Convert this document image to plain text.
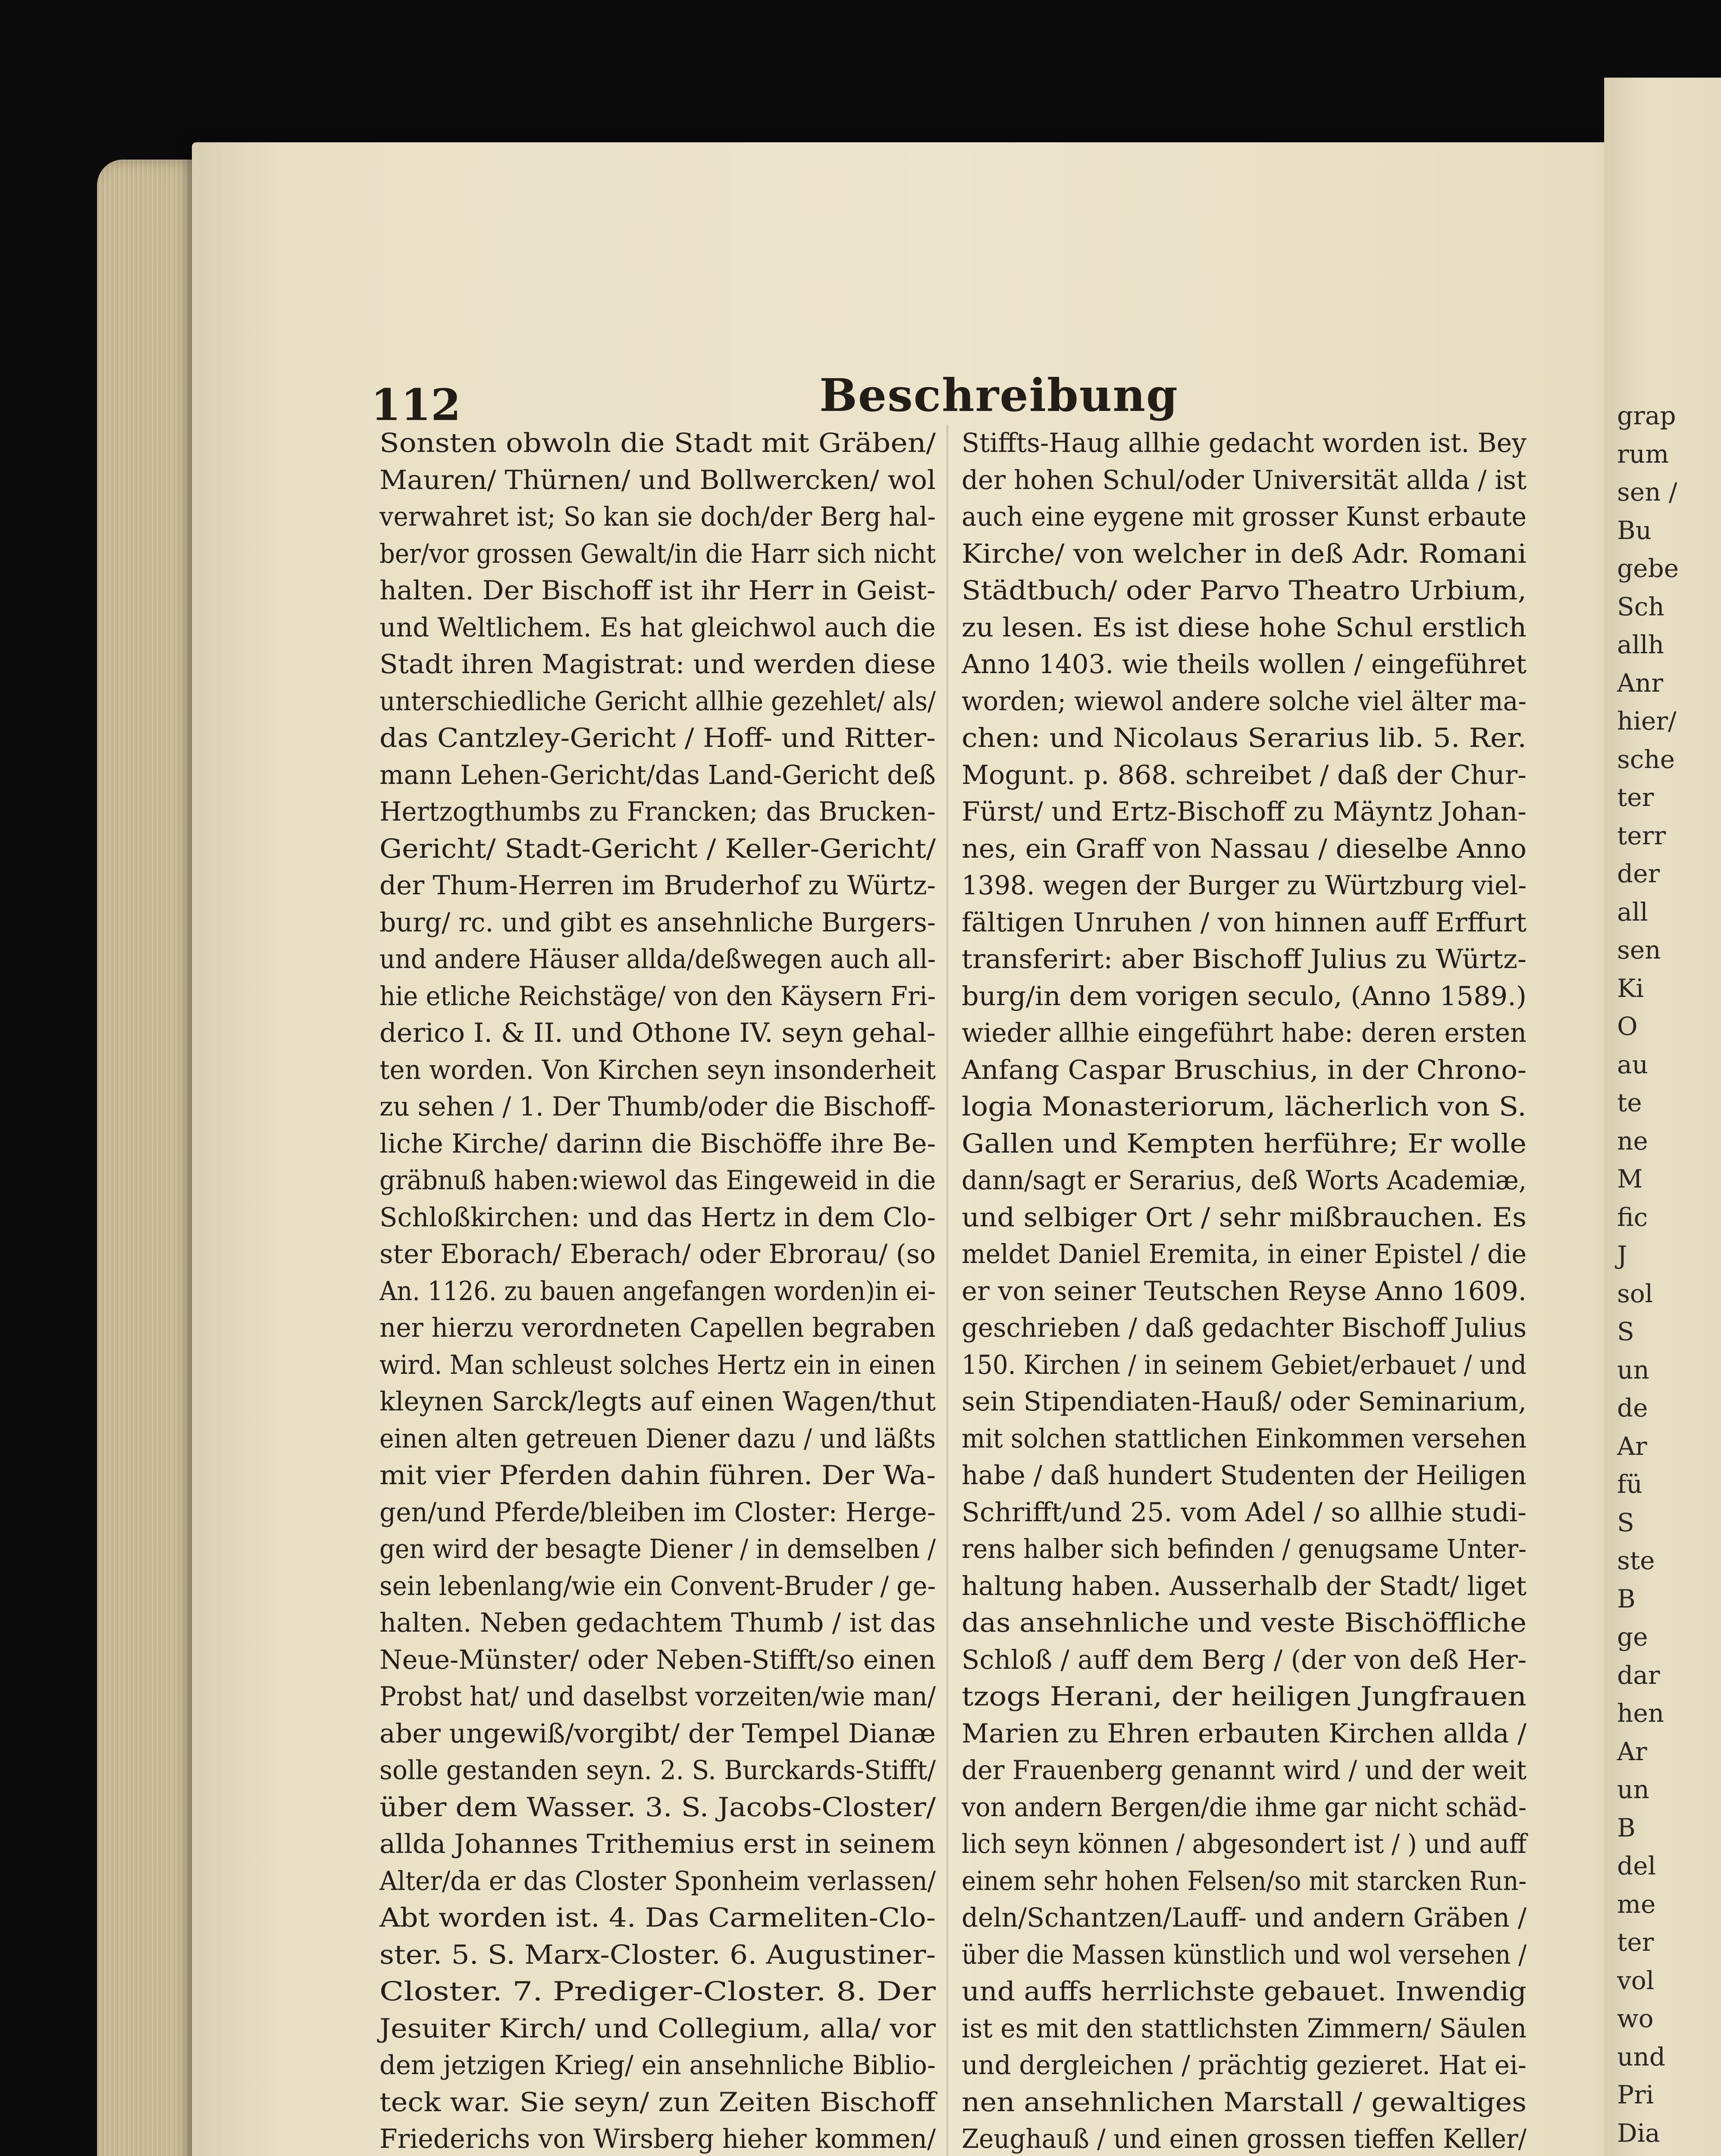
grap
rum
sen /
Bu
gebe
Sch
allh
Anr
hier/
sche
ter
terr
der
all
sen
Ki
O
au
te
ne
M
fic
J
sol
S
un
de
Ar
fü
S
ste
B
ge
dar
hen
Ar
un
B
del
me
ter
vol
wo
und
Pri
Dia
112	Beschreibung
Sonsten obwoln die Stadt mit Gräben/
Mauren/ Thürnen/ und Bollwercken/ wol
verwahret ist; So kan sie doch/der Berg hal-
ber/vor grossen Gewalt/in die Harr sich nicht
halten. Der Bischoff ist ihr Herr in Geist-
und Weltlichem. Es hat gleichwol auch die
Stadt ihren Magistrat: und werden diese
unterschiedliche Gericht allhie gezehlet/ als/
das Cantzley-Gericht / Hoff- und Ritter-
mann Lehen-Gericht/das Land-Gericht deß
Hertzogthumbs zu Francken; das Brucken-
Gericht/ Stadt-Gericht / Keller-Gericht/
der Thum-Herren im Bruderhof zu Würtz-
burg/ rc. und gibt es ansehnliche Burgers-
und andere Häuser allda/deßwegen auch all-
hie etliche Reichstäge/ von den Käysern Fri-
derico I. & II. und Othone IV. seyn gehal-
ten worden. Von Kirchen seyn insonderheit
zu sehen / 1. Der Thumb/oder die Bischoff-
liche Kirche/ darinn die Bischöffe ihre Be-
gräbnuß haben:wiewol das Eingeweid in die
Schloßkirchen: und das Hertz in dem Clo-
ster Eborach/ Eberach/ oder Ebrorau/ (so
An. 1126. zu bauen angefangen worden)in ei-
ner hierzu verordneten Capellen begraben
wird. Man schleust solches Hertz ein in einen
kleynen Sarck/legts auf einen Wagen/thut
einen alten getreuen Diener dazu / und läßts
mit vier Pferden dahin führen. Der Wa-
gen/und Pferde/bleiben im Closter: Herge-
gen wird der besagte Diener / in demselben /
sein lebenlang/wie ein Convent-Bruder / ge-
halten. Neben gedachtem Thumb / ist das
Neue-Münster/ oder Neben-Stifft/so einen
Probst hat/ und daselbst vorzeiten/wie man/
aber ungewiß/vorgibt/ der Tempel Dianæ
solle gestanden seyn. 2. S. Burckards-Stifft/
über dem Wasser. 3. S. Jacobs-Closter/
allda Johannes Trithemius erst in seinem
Alter/da er das Closter Sponheim verlassen/
Abt worden ist. 4. Das Carmeliten-Clo-
ster. 5. S. Marx-Closter. 6. Augustiner-
Closter. 7. Prediger-Closter. 8. Der
Jesuiter Kirch/ und Collegium, alla/ vor
dem jetzigen Krieg/ ein ansehnliche Biblio-
teck war. Sie seyn/ zun Zeiten Bischoff
Friederichs von Wirsberg hieher kommen/
Stiffts-Haug allhie gedacht worden ist. Bey
der hohen Schul/oder Universität allda / ist
auch eine eygene mit grosser Kunst erbaute
Kirche/ von welcher in deß Adr. Romani
Städtbuch/ oder Parvo Theatro Urbium,
zu lesen. Es ist diese hohe Schul erstlich
Anno 1403. wie theils wollen / eingeführet
worden; wiewol andere solche viel älter ma-
chen: und Nicolaus Serarius lib. 5. Rer.
Mogunt. p. 868. schreibet / daß der Chur-
Fürst/ und Ertz-Bischoff zu Mäyntz Johan-
nes, ein Graff von Nassau / dieselbe Anno
1398. wegen der Burger zu Würtzburg viel-
fältigen Unruhen / von hinnen auff Erffurt
transferirt: aber Bischoff Julius zu Würtz-
burg/in dem vorigen seculo, (Anno 1589.)
wieder allhie eingeführt habe: deren ersten
Anfang Caspar Bruschius, in der Chrono-
logia Monasteriorum, lächerlich von S.
Gallen und Kempten herführe; Er wolle
dann/sagt er Serarius, deß Worts Academiæ,
und selbiger Ort / sehr mißbrauchen. Es
meldet Daniel Eremita, in einer Epistel / die
er von seiner Teutschen Reyse Anno 1609.
geschrieben / daß gedachter Bischoff Julius
150. Kirchen / in seinem Gebiet/erbauet / und
sein Stipendiaten-Hauß/ oder Seminarium,
mit solchen stattlichen Einkommen versehen
habe / daß hundert Studenten der Heiligen
Schrifft/und 25. vom Adel / so allhie studi-
rens halber sich befinden / genugsame Unter-
haltung haben. Ausserhalb der Stadt/ liget
das ansehnliche und veste Bischöffliche
Schloß / auff dem Berg / (der von deß Her-
tzogs Herani, der heiligen Jungfrauen
Marien zu Ehren erbauten Kirchen allda /
der Frauenberg genannt wird / und der weit
von andern Bergen/die ihme gar nicht schäd-
lich seyn können / abgesondert ist / ) und auff
einem sehr hohen Felsen/so mit starcken Run-
deln/Schantzen/Lauff- und andern Gräben /
über die Massen künstlich und wol versehen /
und auffs herrlichste gebauet. Inwendig
ist es mit den stattlichsten Zimmern/ Säulen
und dergleichen / prächtig gezieret. Hat ei-
nen ansehnlichen Marstall / gewaltiges
Zeughauß / und einen grossen tieffen Keller/
